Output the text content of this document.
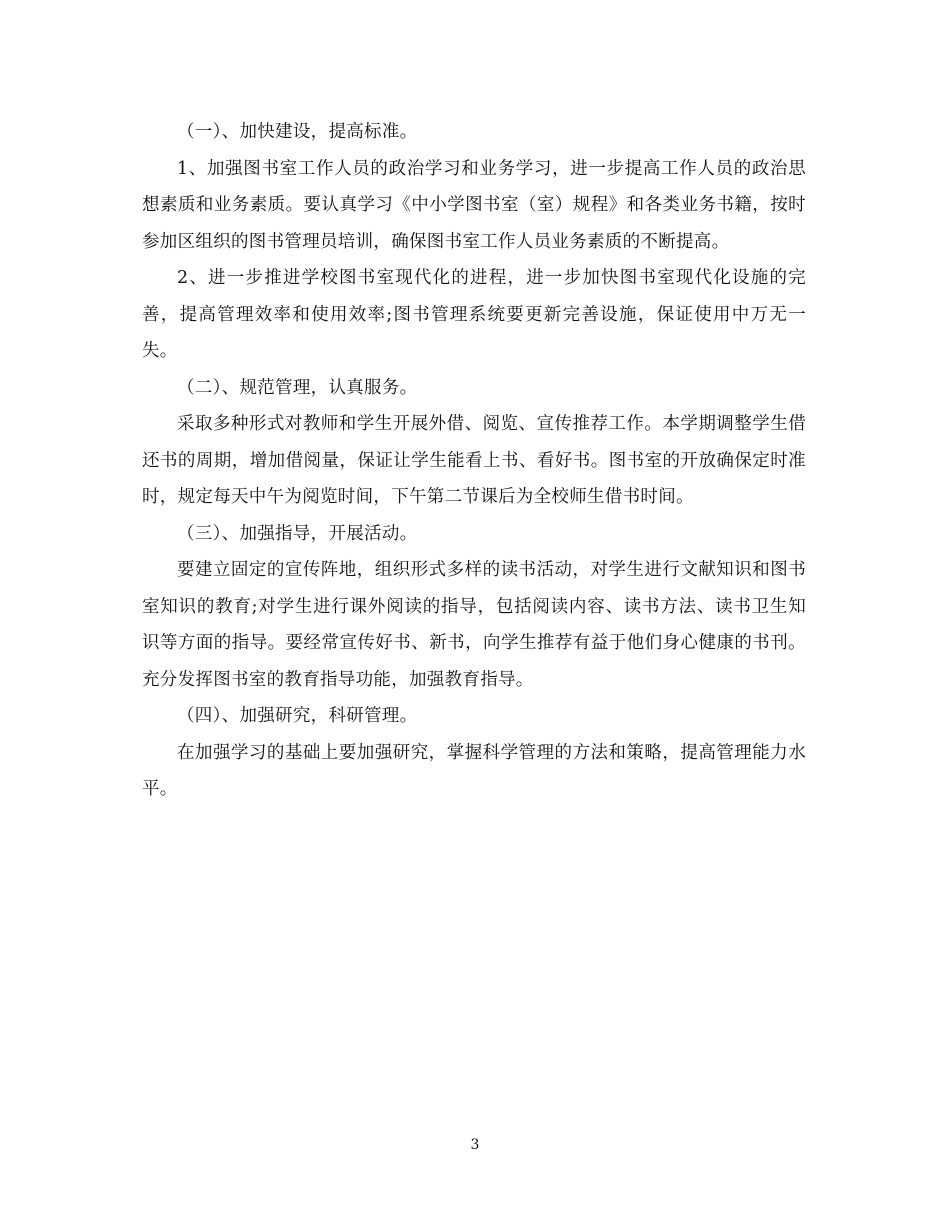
（一）、加快建设，提高标准。

1、加强图书室工作人员的政治学习和业务学习，进一步提高工作人员的政治思想素质和业务素质。要认真学习《中小学图书室（室）规程》和各类业务书籍，按时参加区组织的图书管理员培训，确保图书室工作人员业务素质的不断提高。

2、进一步推进学校图书室现代化的进程，进一步加快图书室现代化设施的完善，提高管理效率和使用效率;图书管理系统要更新完善设施，保证使用中万无一失。

（二）、规范管理，认真服务。

采取多种形式对教师和学生开展外借、阅览、宣传推荐工作。本学期调整学生借还书的周期，增加借阅量，保证让学生能看上书、看好书。图书室的开放确保定时准时，规定每天中午为阅览时间，下午第二节课后为全校师生借书时间。

（三）、加强指导，开展活动。

要建立固定的宣传阵地，组织形式多样的读书活动，对学生进行文献知识和图书室知识的教育;对学生进行课外阅读的指导，包括阅读内容、读书方法、读书卫生知识等方面的指导。要经常宣传好书、新书，向学生推荐有益于他们身心健康的书刊。充分发挥图书室的教育指导功能，加强教育指导。

（四）、加强研究，科研管理。

在加强学习的基础上要加强研究，掌握科学管理的方法和策略，提高管理能力水平。

3
